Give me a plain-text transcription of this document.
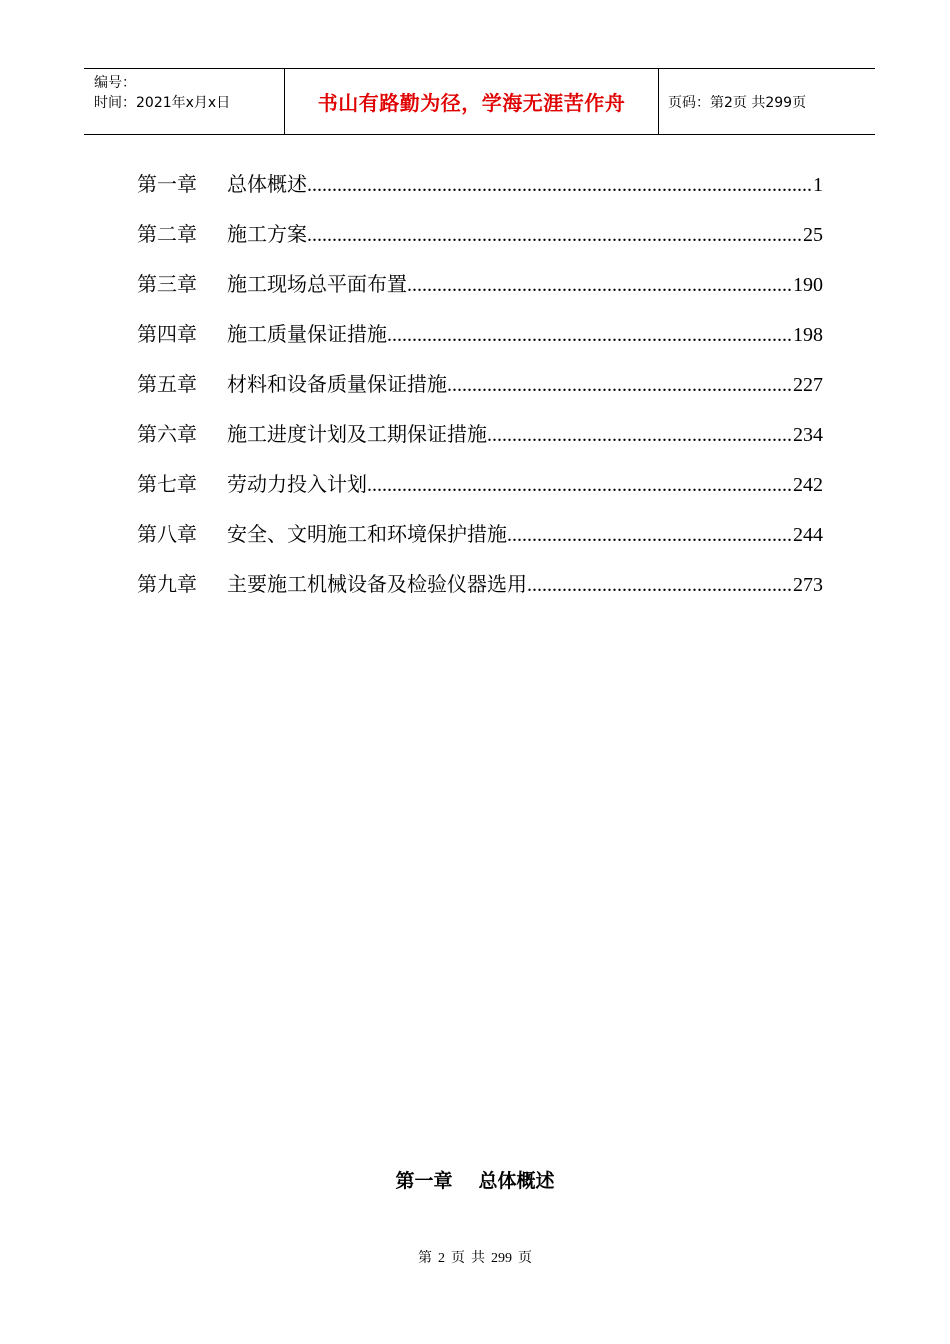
编号：
时间：2021年x月x日	书山有路勤为径，学海无涯苦作舟	页码：第2页 共299页
第一章	总体概述 .....	1
第二章	施工方案 .....	25
第三章	施工现场总平面布置 .....	190
第四章	施工质量保证措施 .....	198
第五章	材料和设备质量保证措施 .....	227
第六章	施工进度计划及工期保证措施 .....	234
第七章	劳动力投入计划 .....	242
第八章	安全、文明施工和环境保护措施 .....	244
第九章	主要施工机械设备及检验仪器选用 .....	273
第一章 总体概述
第 2 页 共 299 页
